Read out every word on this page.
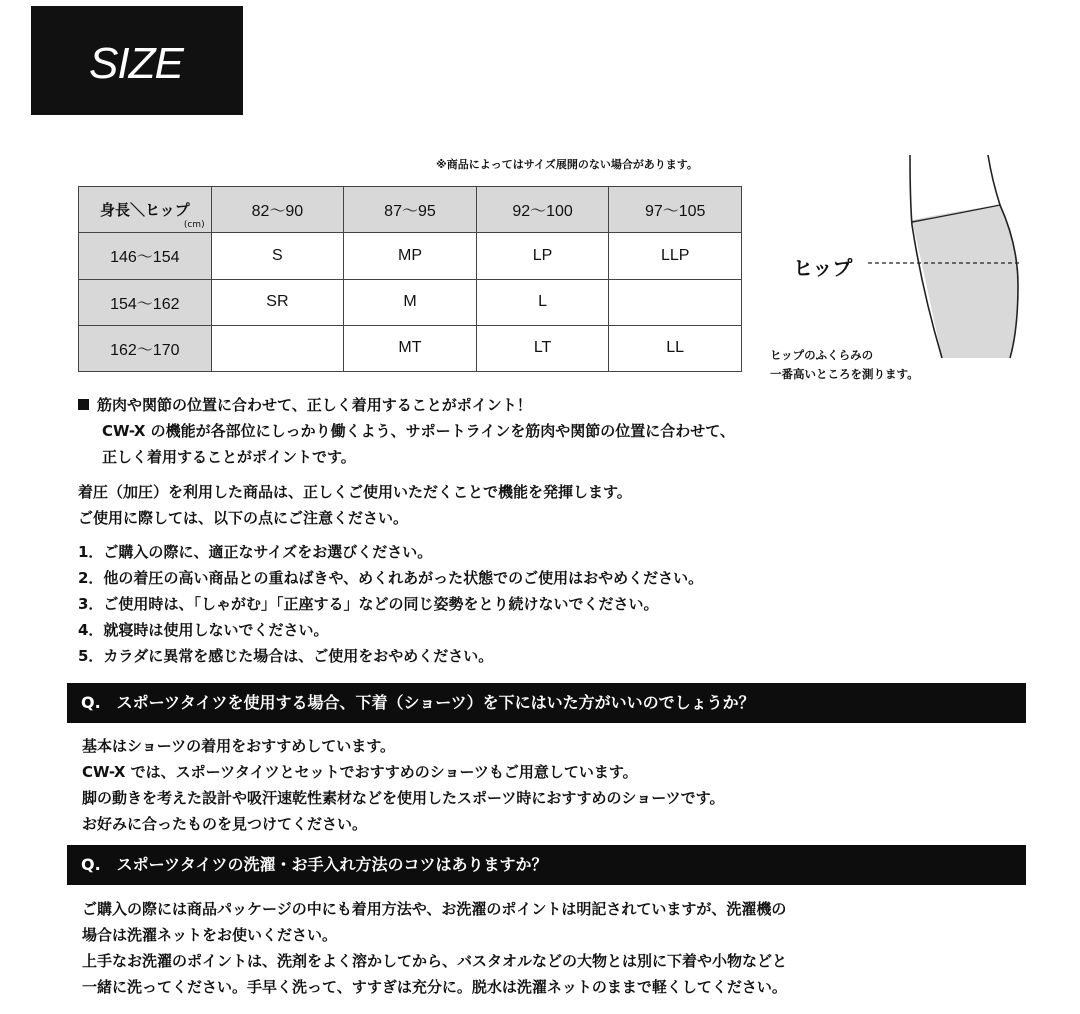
SIZE
※商品によってはサイズ展開のない場合があります。
身長＼ヒップ
(cm)	82〜90	87〜95	92〜100	97〜105
146〜154	S	MP	LP	LLP
154〜162	SR	M	L	
162〜170		MT	LT	LL
ヒップ
ヒップのふくらみの
一番高いところを測ります。
筋肉や関節の位置に合わせて、正しく着用することがポイント！
CW-X の機能が各部位にしっかり働くよう、サポートラインを筋肉や関節の位置に合わせて、
正しく着用することがポイントです。
着圧（加圧）を利用した商品は、正しくご使用いただくことで機能を発揮します。
ご使用に際しては、以下の点にご注意ください。
1．ご購入の際に、適正なサイズをお選びください。
2．他の着圧の高い商品との重ねばきや、めくれあがった状態でのご使用はおやめください。
3．ご使用時は、「しゃがむ」「正座する」などの同じ姿勢をとり続けないでください。
4．就寝時は使用しないでください。
5．カラダに異常を感じた場合は、ご使用をおやめください。
Q.　スポーツタイツを使用する場合、下着（ショーツ）を下にはいた方がいいのでしょうか？
基本はショーツの着用をおすすめしています。
CW-X では、スポーツタイツとセットでおすすめのショーツもご用意しています。
脚の動きを考えた設計や吸汗速乾性素材などを使用したスポーツ時におすすめのショーツです。
お好みに合ったものを見つけてください。
Q.　スポーツタイツの洗濯・お手入れ方法のコツはありますか？
ご購入の際には商品パッケージの中にも着用方法や、お洗濯のポイントは明記されていますが、洗濯機の
場合は洗濯ネットをお使いください。
上手なお洗濯のポイントは、洗剤をよく溶かしてから、バスタオルなどの大物とは別に下着や小物などと
一緒に洗ってください。手早く洗って、すすぎは充分に。脱水は洗濯ネットのままで軽くしてください。
